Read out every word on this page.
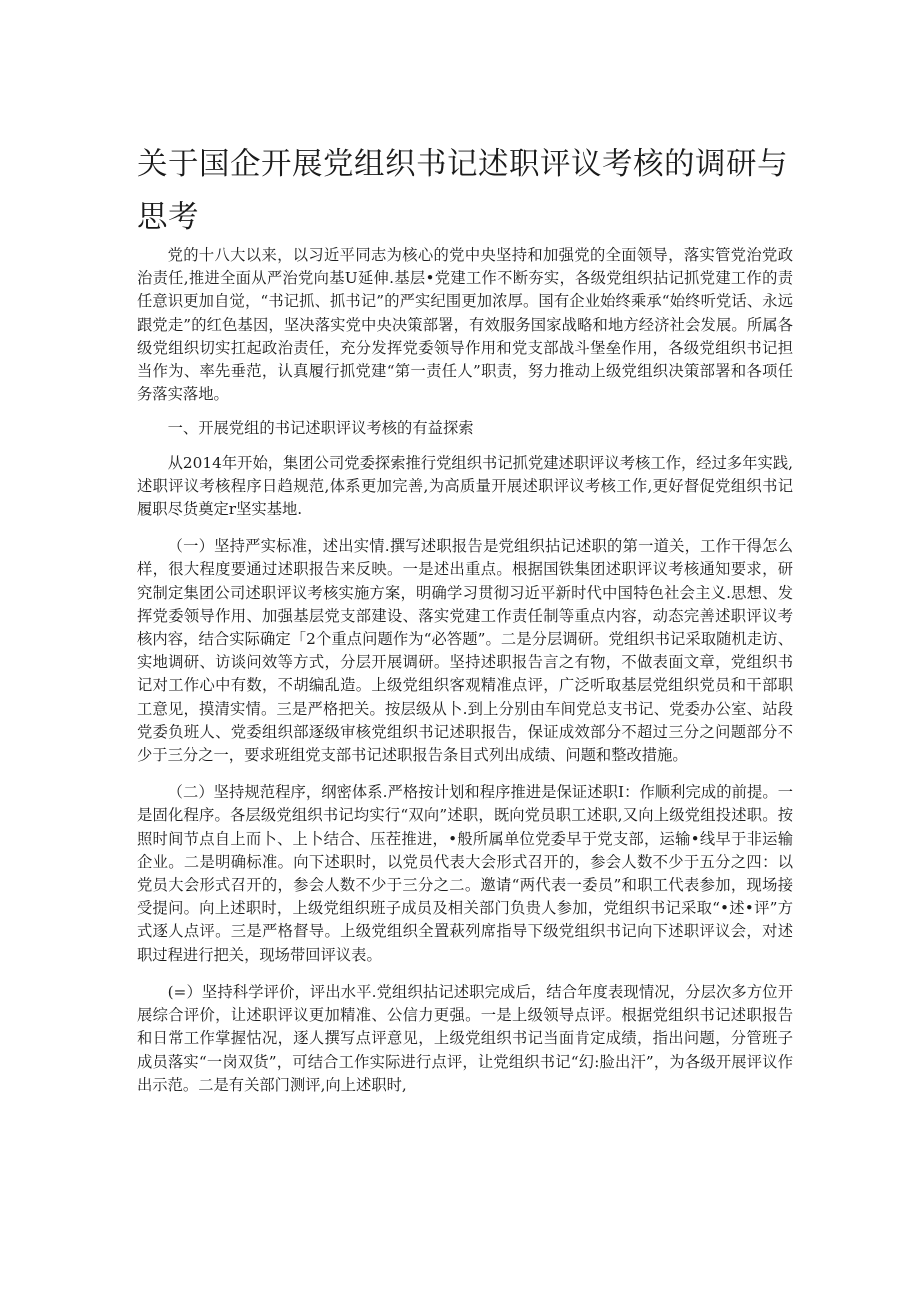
关于国企开展党组织书记述职评议考核的调研与思考

党的十八大以来，以习近平同志为核心的党中央坚持和加强党的全面领导，落实管党治党政治责任,推进全面从严治党向基U延伸.基层•党建工作不断夯实，各级党组织拈记抓党建工作的责任意识更加自觉，“书记抓、抓书记”的严实纪围更加浓厚。国有企业始终乘承“始终听党话、永远跟党走”的红色基因，坚决落实党中央决策部署，有效服务国家战略和地方经济社会发展。所属各级党组织切实扛起政治责任，充分发挥党委领导作用和党支部战斗堡垒作用，各级党组织书记担当作为、率先垂范，认真履行抓党建“第一责任人”职责，努力推动上级党组织决策部署和各项任务落实落地。

一、开展党组的书记述职评议考核的有益探索

从2014年开始，集团公司党委探索推行党组织书记抓党建述职评议考核工作，经过多年实践,述职评议考核程序日趋规范,体系更加完善,为高质量开展述职评议考核工作,更好督促党组织书记履职尽货奠定r坚实基地.

（一）坚持严实标准，述出实情.撰写述职报告是党组织拈记述职的第一道关，工作干得怎么样，很大程度要通过述职报告来反映。一是述出重点。根据国铁集团述职评议考核通知要求，研究制定集团公司述职评议考核实施方案，明确学习贯彻习近平新时代中国特色社会主义.思想、发挥党委领导作用、加强基层党支部建设、落实党建工作责任制等重点内容，动态完善述职评议考核内容，结合实际确定「2个重点问题作为“必答题”。二是分层调研。党组织书记采取随机走访、实地调研、访谈问效等方式，分层开展调研。坚持述职报告言之有物，不做表面文章，党组织书记对工作心中有数，不胡编乱造。上级党组织客观精准点评，广泛听取基层党组织党员和干部职工意见，摸清实情。三是严格把关。按层级从卜.到上分别由车间党总支书记、党委办公室、站段党委负班人、党委组织部逐级审核党组织书记述职报告，保证成效部分不超过三分之问题部分不少于三分之一，要求班组党支部书记述职报告条目式列出成绩、问题和整改措施。

（二）坚持规范程序，纲密体系.严格按计划和程序推进是保证述职I：作顺利完成的前提。一是固化程序。各层级党组织书记均实行“双向”述职，既向党员职工述职,又向上级党组投述职。按照时间节点自上而卜、上卜结合、压茬推进，•般所属单位党委早于党支部，运输•线早于非运输企业。二是明确标准。向下述职时，以党员代表大会形式召开的，参会人数不少于五分之四：以党员大会形式召开的，参会人数不少于三分之二。邀请“两代表一委员”和职工代表参加，现场接受提问。向上述职时，上级党组织班子成员及相关部门负贵人参加，党组织书记采取“•述•评”方式逐人点评。三是严格督导。上级党组织全置萩列席指导下级党组织书记向下述职评议会，对述职过程进行把关，现场带回评议表。

(=）坚持科学评价，评出水平.党组织拈记述职完成后，结合年度表现情况，分层次多方位开展综合评价，让述职评议更加精准、公信力更强。一是上级领导点评。根据党组织书记述职报告和日常工作掌握怙况，逐人撰写点评意见，上级党组织书记当面肯定成绩，指出问题，分管班子成员落实“一岗双货”，可结合工作实际进行点评，让党组织书记“幻:脸出汗”，为各级开展评议作出示范。二是有关部门测评,向上述职时,
